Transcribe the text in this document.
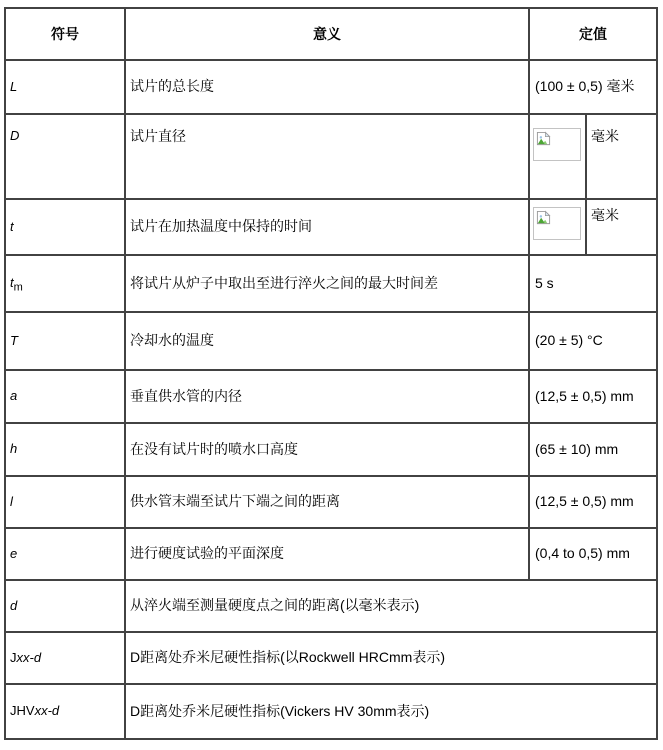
符号	意义	定值	
L	试片的总长度	(100 ± 0,5) 毫米	
D	试片直径		毫米
t	试片在加热温度中保持的时间		毫米
$t_m$	将试片从炉子中取出至进行淬火之间的最大时间差	5 s	
T	冷却水的温度	(20 ± 5) °C	
a	垂直供水管的内径	(12,5 ± 0,5) mm	
h	在没有试片时的喷水口高度	(65 ± 10) mm	
l	供水管末端至试片下端之间的距离	(12,5 ± 0,5) mm	
e	进行硬度试验的平面深度	(0,4 to 0,5) mm	
d	从淬火端至测量硬度点之间的距离(以毫米表示)		
Jxx-d	D距离处乔米尼硬性指标(以Rockwell HRCmm表示)		
JHVxx-d	D距离处乔米尼硬性指标(Vickers HV 30mm表示)		
